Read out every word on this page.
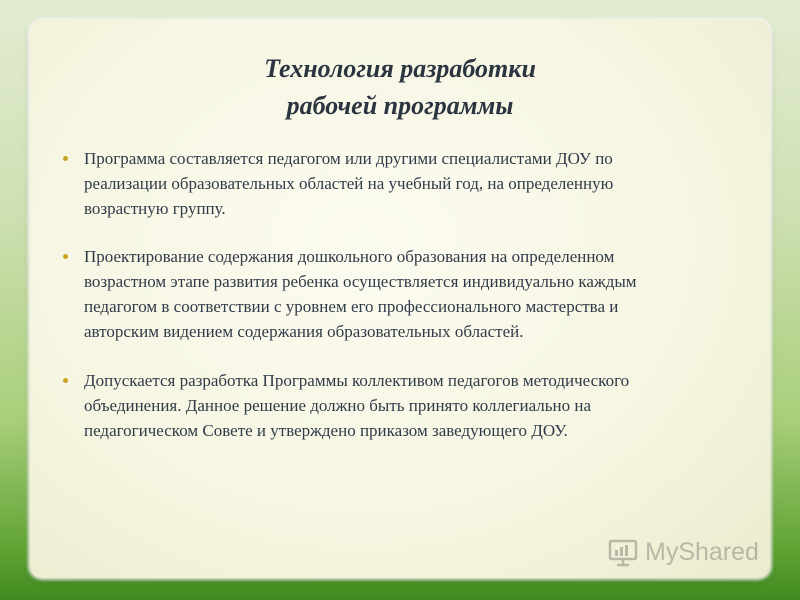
Технология разработки
рабочей программы
Программа составляется педагогом или другими специалистами ДОУ по
реализации образовательных областей на учебный год, на определенную
возрастную группу.
Проектирование содержания дошкольного образования на определенном
возрастном этапе развития ребенка осуществляется индивидуально каждым
педагогом в соответствии с уровнем его профессионального мастерства и
авторским видением содержания образовательных областей.
Допускается разработка Программы коллективом педагогов методического
объединения. Данное решение должно быть принято коллегиально на
педагогическом Совете и утверждено приказом заведующего ДОУ.
MyShared
